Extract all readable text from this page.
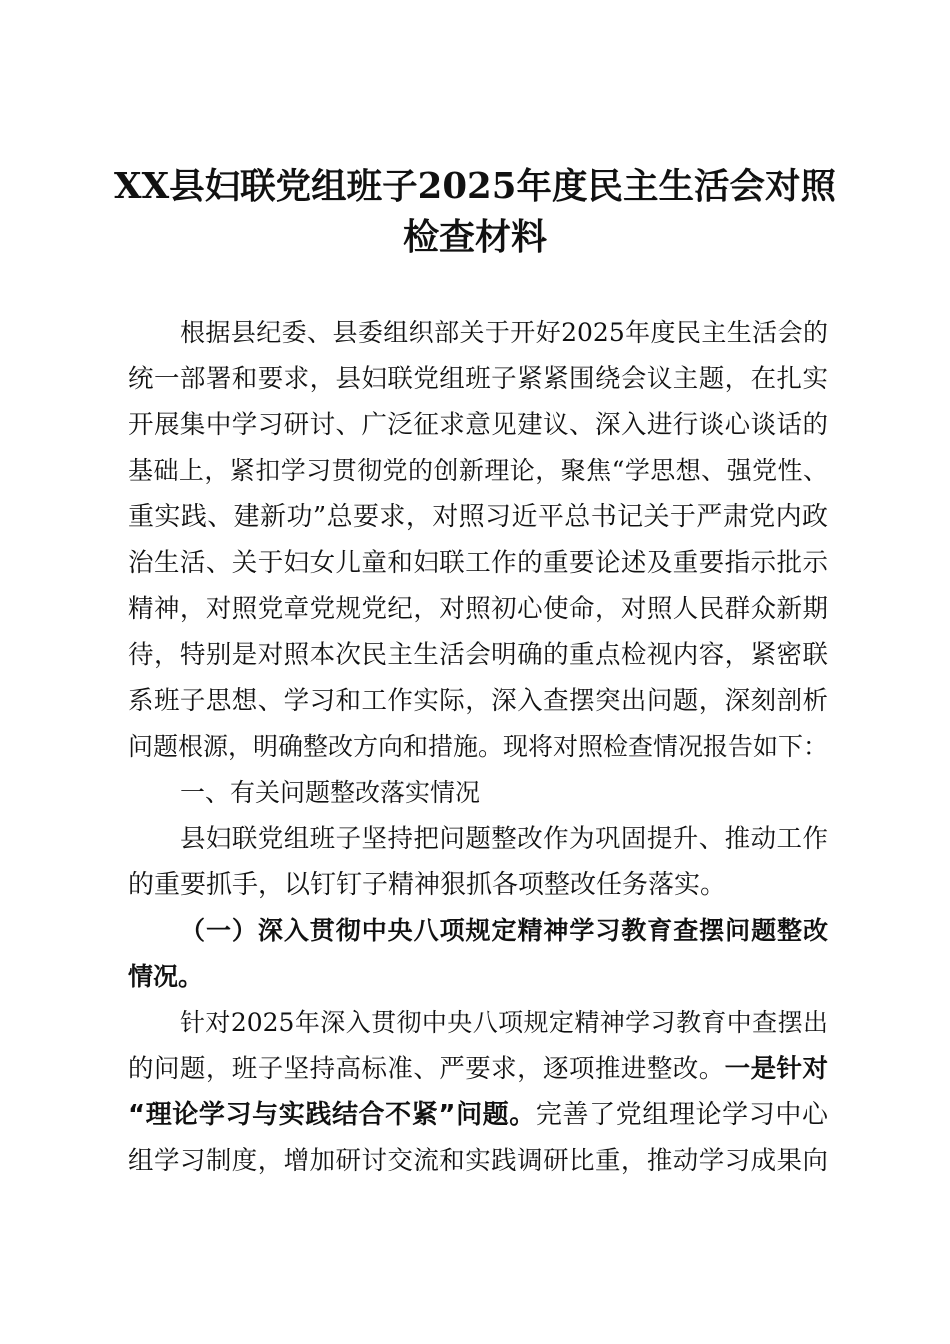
XX县妇联党组班子2025年度民主生活会对照
检查材料

根据县纪委、县委组织部关于开好2025年度民主生活会的
统一部署和要求，县妇联党组班子紧紧围绕会议主题，在扎实
开展集中学习研讨、广泛征求意见建议、深入进行谈心谈话的
基础上，紧扣学习贯彻党的创新理论，聚焦“学思想、强党性、
重实践、建新功”总要求，对照习近平总书记关于严肃党内政
治生活、关于妇女儿童和妇联工作的重要论述及重要指示批示
精神，对照党章党规党纪，对照初心使命，对照人民群众新期
待，特别是对照本次民主生活会明确的重点检视内容，紧密联
系班子思想、学习和工作实际，深入查摆突出问题，深刻剖析
问题根源，明确整改方向和措施。现将对照检查情况报告如下：

一、有关问题整改落实情况

县妇联党组班子坚持把问题整改作为巩固提升、推动工作
的重要抓手，以钉钉子精神狠抓各项整改任务落实。

（一）深入贯彻中央八项规定精神学习教育查摆问题整改
情况。

针对2025年深入贯彻中央八项规定精神学习教育中查摆出
的问题，班子坚持高标准、严要求，逐项推进整改。一是针对
“理论学习与实践结合不紧”问题。完善了党组理论学习中心
组学习制度，增加研讨交流和实践调研比重，推动学习成果向
